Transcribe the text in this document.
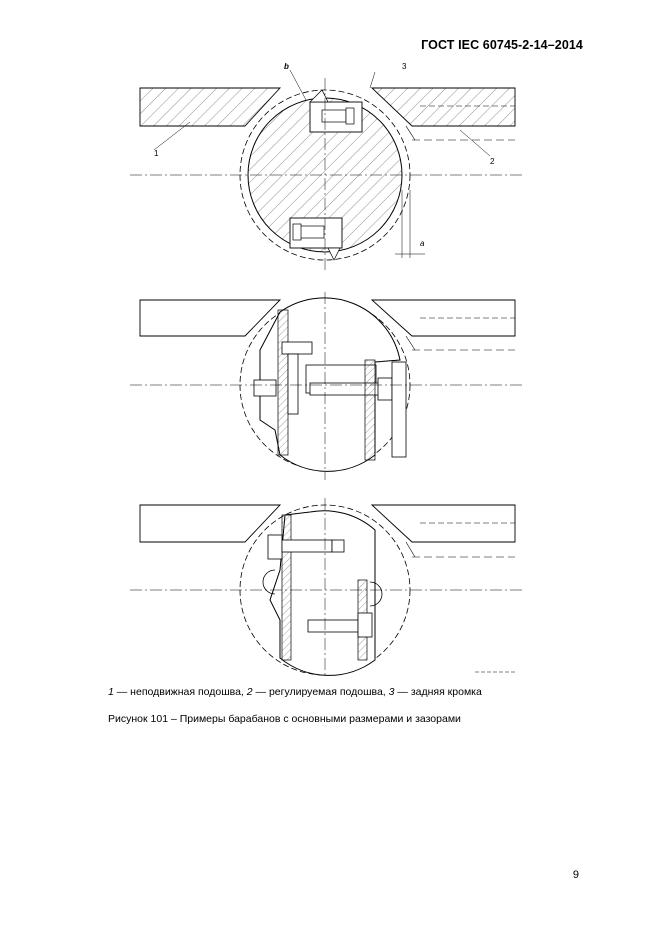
ГОСТ IEC 60745-2-14–2014
b	3
1
2
a
1 — неподвижная подошва, 2 — регулируемая подошва, 3 — задняя кромка
Рисунок 101 – Примеры барабанов с основными размерами и зазорами
9
